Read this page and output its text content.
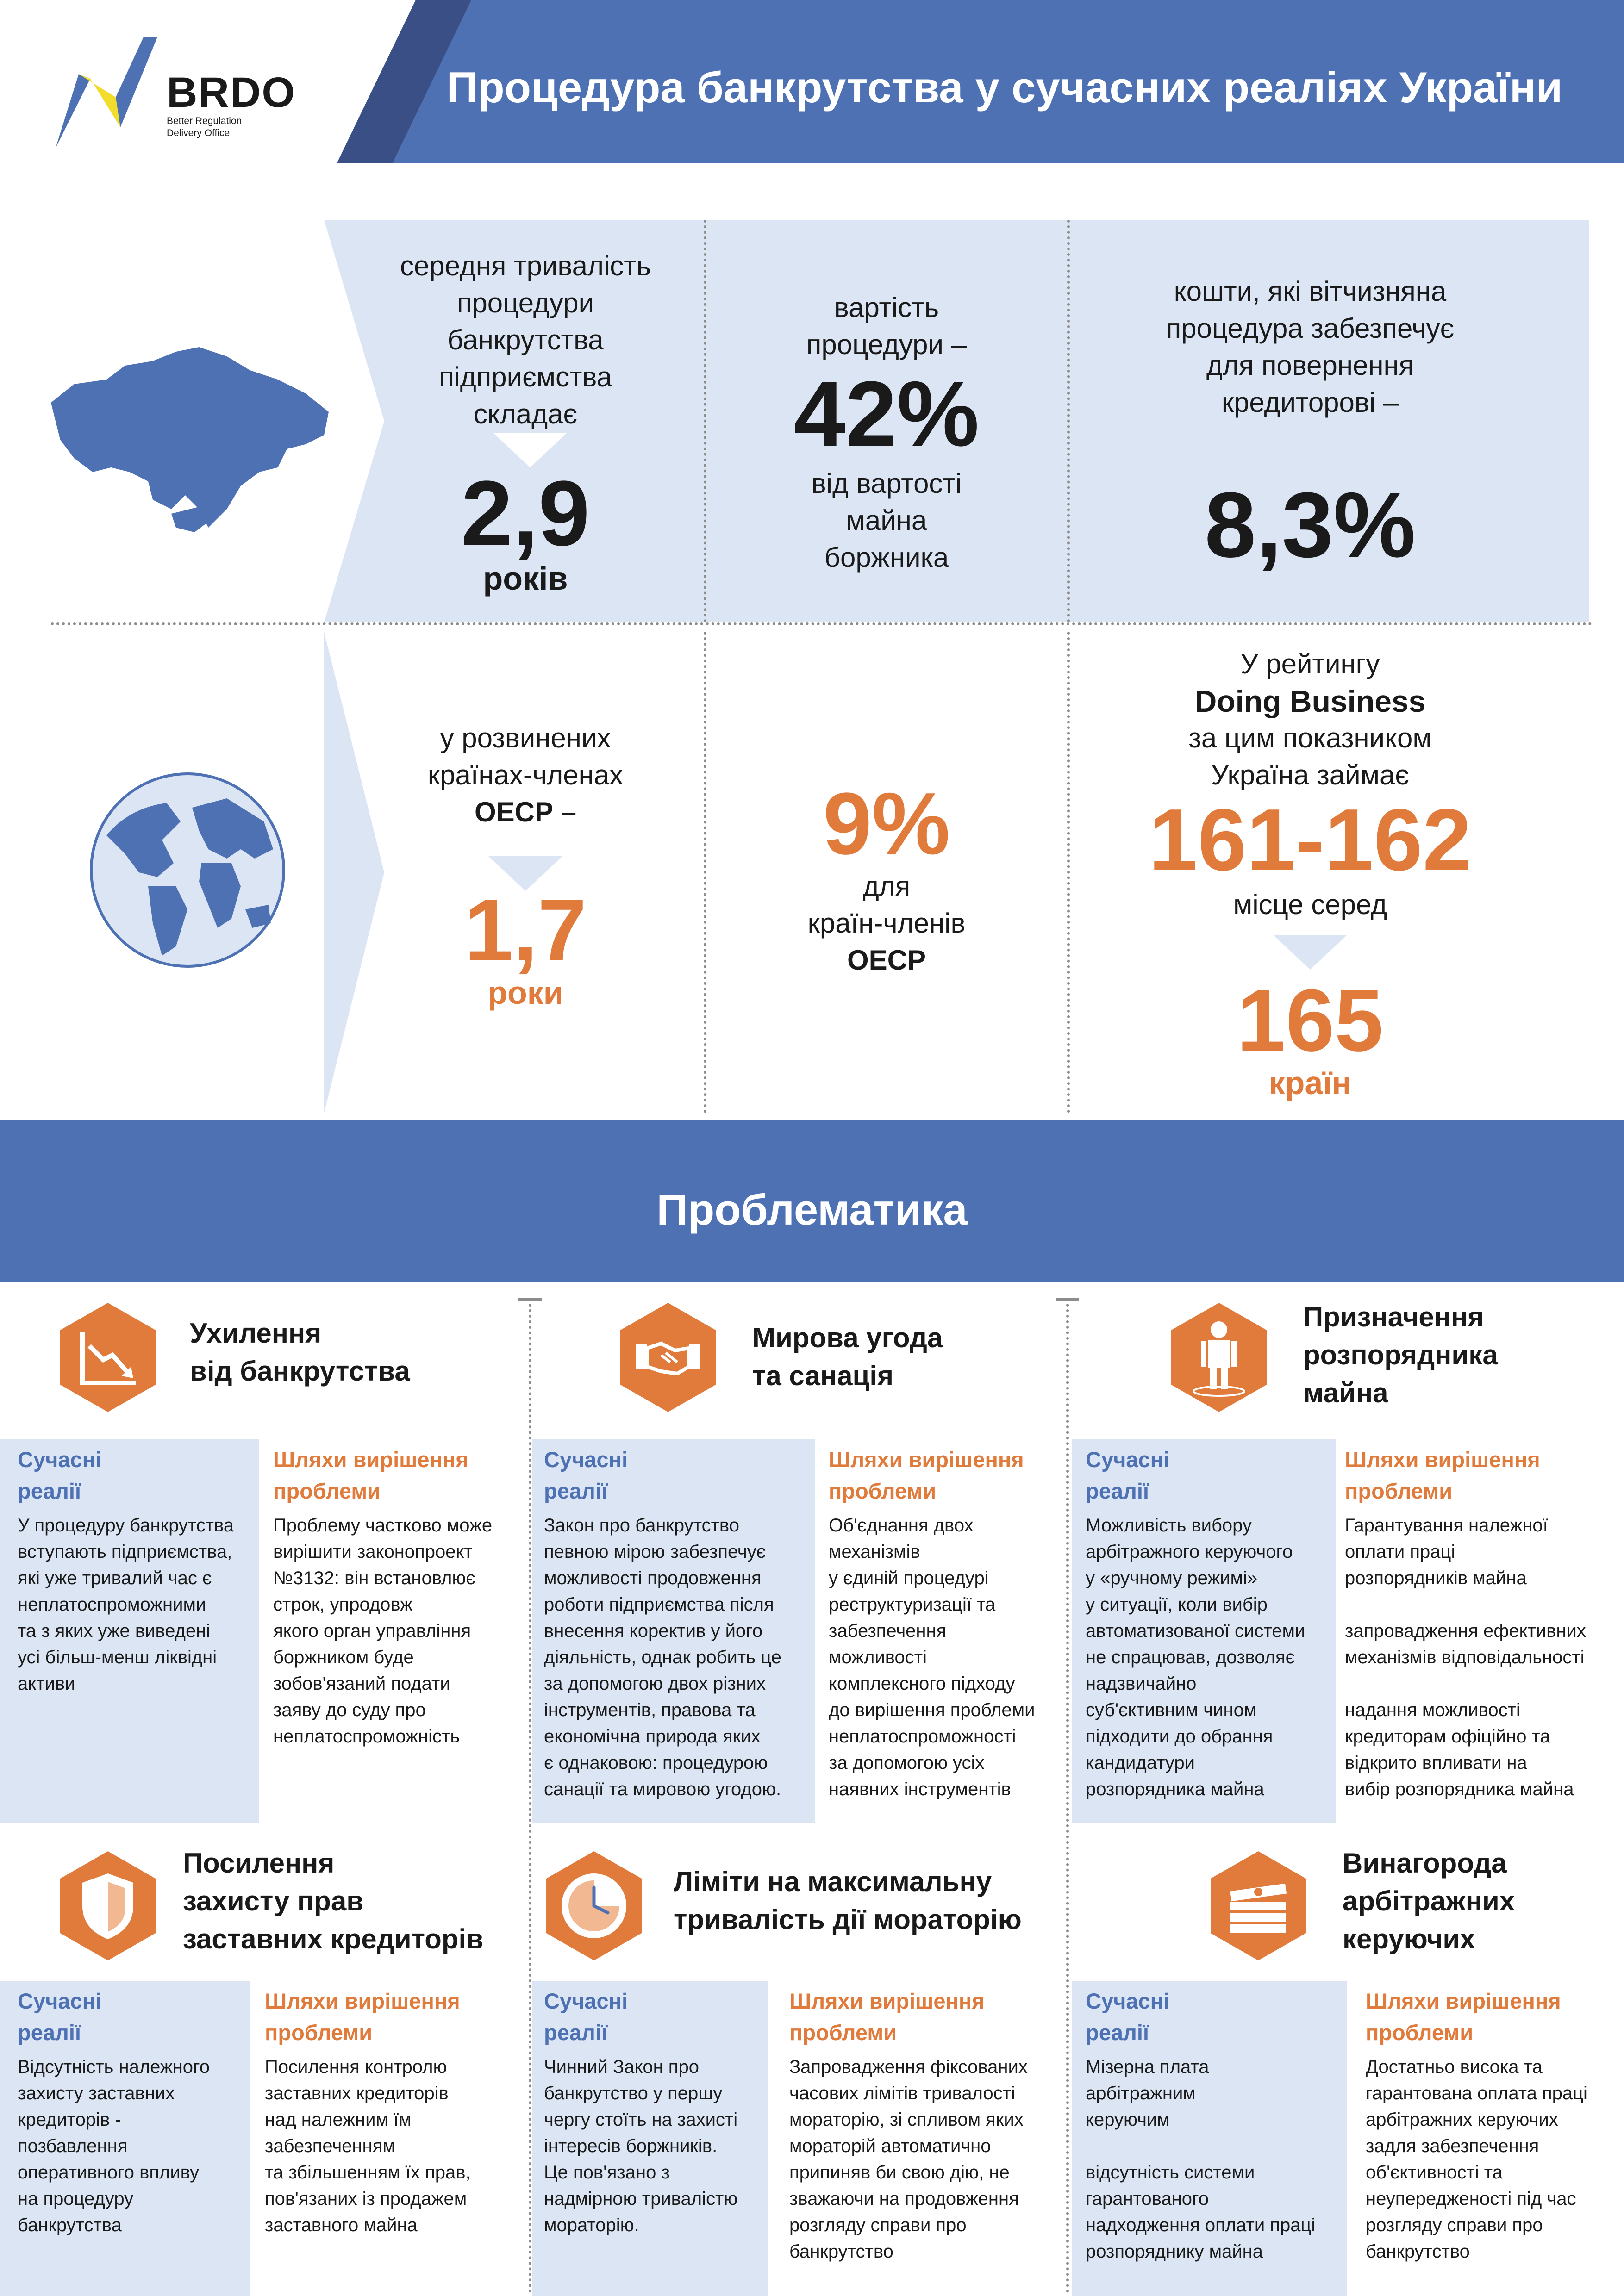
BRDO
Better Regulation
Delivery Office
Процедура банкрутства у сучасних реаліях України
середня тривалість
процедури
банкрутства
підприємства
складає
2,9
років
вартість
процедури –
42%
від вартості
майна
боржника
кошти, які вітчизняна
процедура забезпечує
для повернення
кредиторові –
8,3%
у розвинених
країнах-членах
ОЕСР –
1,7
роки
9%
для
країн-членів
ОЕСР
У рейтингу
Doing Business
за цим показником
Україна займає
161-162
місце серед
165
країн
Проблематика
Ухилення
від банкрутства
Сучасні
реалії
У процедуру банкрутства
вступають підприємства,
які уже тривалий час є
неплатоспроможними
та з яких уже виведені
усі більш-менш ліквідні
активи
Шляхи вирішення
проблеми
Проблему частково може
вирішити законопроект
№3132: він встановлює
строк, упродовж
якого орган управління
боржником буде
зобов'язаний подати
заяву до суду про
неплатоспроможність
Мирова угода
та санація
Сучасні
реалії
Закон про банкрутство
певною мірою забезпечує
можливості продовження
роботи підприємства після
внесення коректив у його
діяльність, однак робить це
за допомогою двох різних
інструментів, правова та
економічна природа яких
є однаковою: процедурою
санації та мировою угодою.
Шляхи вирішення
проблеми
Об'єднання двох
механізмів
у єдиній процедурі
реструктуризації та
забезпечення
можливості
комплексного підходу
до вирішення проблеми
неплатоспроможності
за допомогою усіх
наявних інструментів
Призначення
розпорядника
майна
Сучасні
реалії
Можливість вибору
арбітражного керуючого
у «ручному режимі»
у ситуації, коли вибір
автоматизованої системи
не спрацював, дозволяє
надзвичайно
суб'єктивним чином
підходити до обрання
кандидатури
розпорядника майна
Шляхи вирішення
проблеми
Гарантування належної
оплати праці
розпорядників майна

запровадження ефективних
механізмів відповідальності

надання можливості
кредиторам офіційно та
відкрито впливати на
вибір розпорядника майна
Посилення
захисту прав
заставних кредиторів
Сучасні
реалії
Відсутність належного
захисту заставних
кредиторів -
позбавлення
оперативного впливу
на процедуру
банкрутства
Шляхи вирішення
проблеми
Посилення контролю
заставних кредиторів
над належним їм
забезпеченням
та збільшенням їх прав,
пов'язаних із продажем
заставного майна
Ліміти на максимальну
тривалість дії мораторію
Сучасні
реалії
Чинний Закон про
банкрутство у першу
чергу стоїть на захисті
інтересів боржників.
Це пов'язано з
надмірною тривалістю
мораторію.
Шляхи вирішення
проблеми
Запровадження фіксованих
часових лімітів тривалості
мораторію, зі спливом яких
мораторій автоматично
припиняв би свою дію, не
зважаючи на продовження
розгляду справи про
банкрутство
Винагорода
арбітражних
керуючих
Сучасні
реалії
Мізерна плата
арбітражним
керуючим

відсутність системи
гарантованого
надходження оплати праці
розпоряднику майна
Шляхи вирішення
проблеми
Достатньо висока та
гарантована оплата праці
арбітражних керуючих
задля забезпечення
об'єктивності та
неупередженості під час
розгляду справи про
банкрутство
